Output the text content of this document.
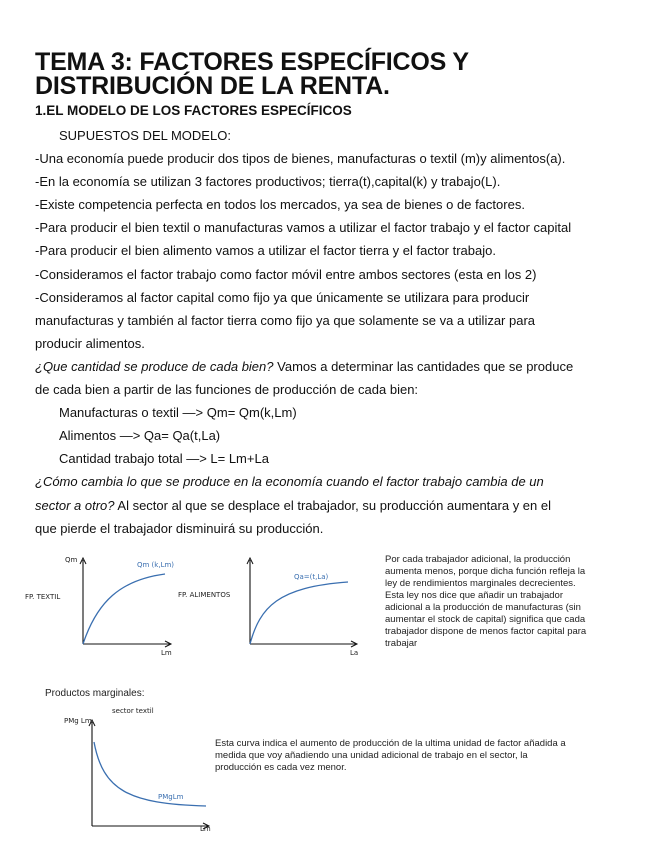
TEMA 3: FACTORES ESPECÍFICOS Y
DISTRIBUCIÓN DE LA RENTA.
1.EL MODELO DE LOS FACTORES ESPECÍFICOS

SUPUESTOS DEL MODELO:

-Una economía puede producir dos tipos de bienes, manufacturas o textil (m)y alimentos(a).

-En la economía se utilizan 3 factores productivos; tierra(t),capital(k) y trabajo(L).

-Existe competencia perfecta en todos los mercados, ya sea de bienes o de factores.

-Para producir el bien textil o manufacturas vamos a utilizar el factor trabajo y el factor capital

-Para producir el bien alimento vamos a utilizar el factor tierra y el factor trabajo.

-Consideramos el factor trabajo como factor móvil entre ambos sectores (esta en los 2)

-Consideramos al factor capital como fijo ya que únicamente se utilizara para producir

manufacturas y también al factor tierra como fijo ya que solamente se va a utilizar para

producir alimentos.

¿Que cantidad se produce de cada bien? Vamos a determinar las cantidades que se produce

de cada bien a partir de las funciones de producción de cada bien:

Manufacturas o textil —> Qm= Qm(k,Lm)

Alimentos —> Qa= Qa(t,La)

Cantidad trabajo total —> L= Lm+La

¿Cómo cambia lo que se produce en la economía cuando el factor trabajo cambia de un

sector a otro? Al sector al que se desplace el trabajador, su producción aumentara y en el

que pierde el trabajador disminuirá su producción.

FP. TEXTIL
Qm
Qm (k,Lm)
Lm
FP. ALIMENTOS
Qa=(t,La)
La
Por cada trabajador adicional, la producción
aumenta menos, porque dicha función refleja la
ley de rendimientos marginales decrecientes.
Esta ley nos dice que añadir un trabajador
adicional a la producción de manufacturas (sin
aumentar el stock de capital) significa que cada
trabajador dispone de menos factor capital para
trabajar
Productos marginales:
sector textil
PMg Lm
PMgLm
Lm
Esta curva indica el aumento de producción de la ultima unidad de factor añadida a
medida que voy añadiendo una unidad adicional de trabajo en el sector, la
producción es cada vez menor.
